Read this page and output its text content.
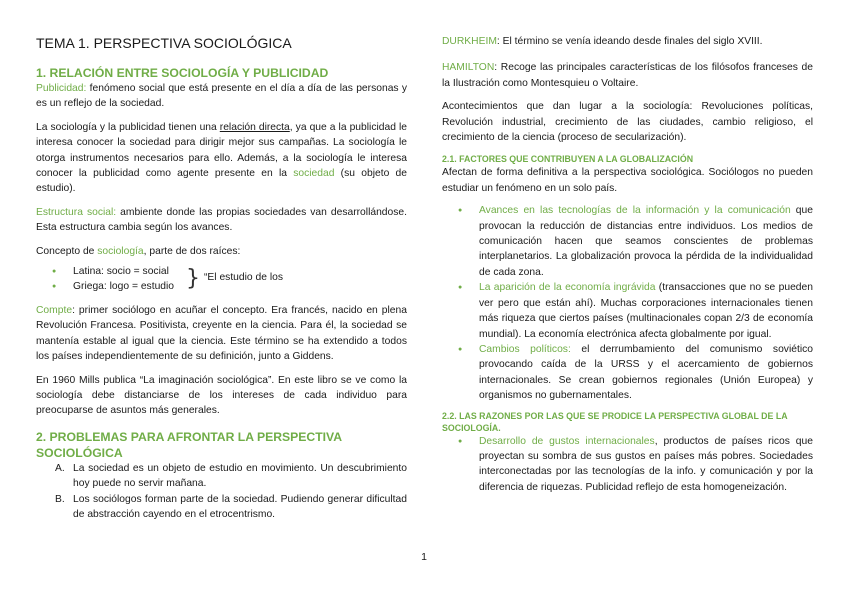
TEMA 1. PERSPECTIVA SOCIOLÓGICA
1. RELACIÓN ENTRE SOCIOLOGÍA Y PUBLICIDAD

Publicidad: fenómeno social que está presente en el día a día de las personas y es un reflejo de la sociedad.

La sociología y la publicidad tienen una relación directa, ya que a la publicidad le interesa conocer la sociedad para dirigir mejor sus campañas. La sociología le otorga instrumentos necesarios para ello. Además, a la sociología le interesa conocer la publicidad como agente presente en la sociedad (su objeto de estudio).

Estructura social: ambiente donde las propias sociedades van desarrollándose. Esta estructura cambia según los avances.

Concepto de sociología, parte de dos raíces:

● Latina: socio = social
● Griega: logo = estudio } “El estudio de los

Compte: primer sociólogo en acuñar el concepto. Era francés, nacido en plena Revolución Francesa. Positivista, creyente en la ciencia. Para él, la sociedad se mantenía estable al igual que la ciencia. Este término se ha extendido a todos los países independientemente de su definición, junto a Giddens.

En 1960 Mills publica “La imaginación sociológica”. En este libro se ve como la sociología debe distanciarse de los intereses de cada individuo para preocuparse de asuntos más generales.

2. PROBLEMAS PARA AFRONTAR LA PERSPECTIVA SOCIOLÓGICA
A. La sociedad es un objeto de estudio en movimiento. Un descubrimiento hoy puede no servir mañana.
B. Los sociólogos forman parte de la sociedad. Pudiendo generar dificultad de abstracción cayendo en el etrocentrismo.

DURKHEIM: El término se venía ideando desde finales del siglo XVIII.

HAMILTON: Recoge las principales características de los filósofos franceses de la Ilustración como Montesquieu o Voltaire.

Acontecimientos que dan lugar a la sociología: Revoluciones políticas, Revolución industrial, crecimiento de las ciudades, cambio religioso, el crecimiento de la ciencia (proceso de secularización).

2.1. FACTORES QUE CONTRIBUYEN A LA GLOBALIZACIÓN

Afectan de forma definitiva a la perspectiva sociológica. Sociólogos no pueden estudiar un fenómeno en un solo país.

● Avances en las tecnologías de la información y la comunicación que provocan la reducción de distancias entre individuos. Los medios de comunicación hacen que seamos conscientes de problemas interplanetarios. La globalización provoca la pérdida de la individualidad de cada zona.

● La aparición de la economía ingrávida (transacciones que no se pueden ver pero que están ahí). Muchas corporaciones internacionales tienen más riqueza que ciertos países (multinacionales copan 2/3 de economía mundial). La economía electrónica afecta globalmente por igual.

● Cambios políticos: el derrumbamiento del comunismo soviético provocando caída de la URSS y el acercamiento de gobiernos internacionales. Se crean gobiernos regionales (Unión Europea) y organismos no gubernamentales.

2.2. LAS RAZONES POR LAS QUE SE PRODICE LA PERSPECTIVA GLOBAL DE LA SOCIOLOGÍA.

● Desarrollo de gustos internacionales, productos de países ricos que proyectan su sombra de sus gustos en países más pobres. Sociedades interconectadas por las tecnologías de la info. y comunicación y por la diferencia de riquezas. Publicidad reflejo de esta homogeneización.

1
